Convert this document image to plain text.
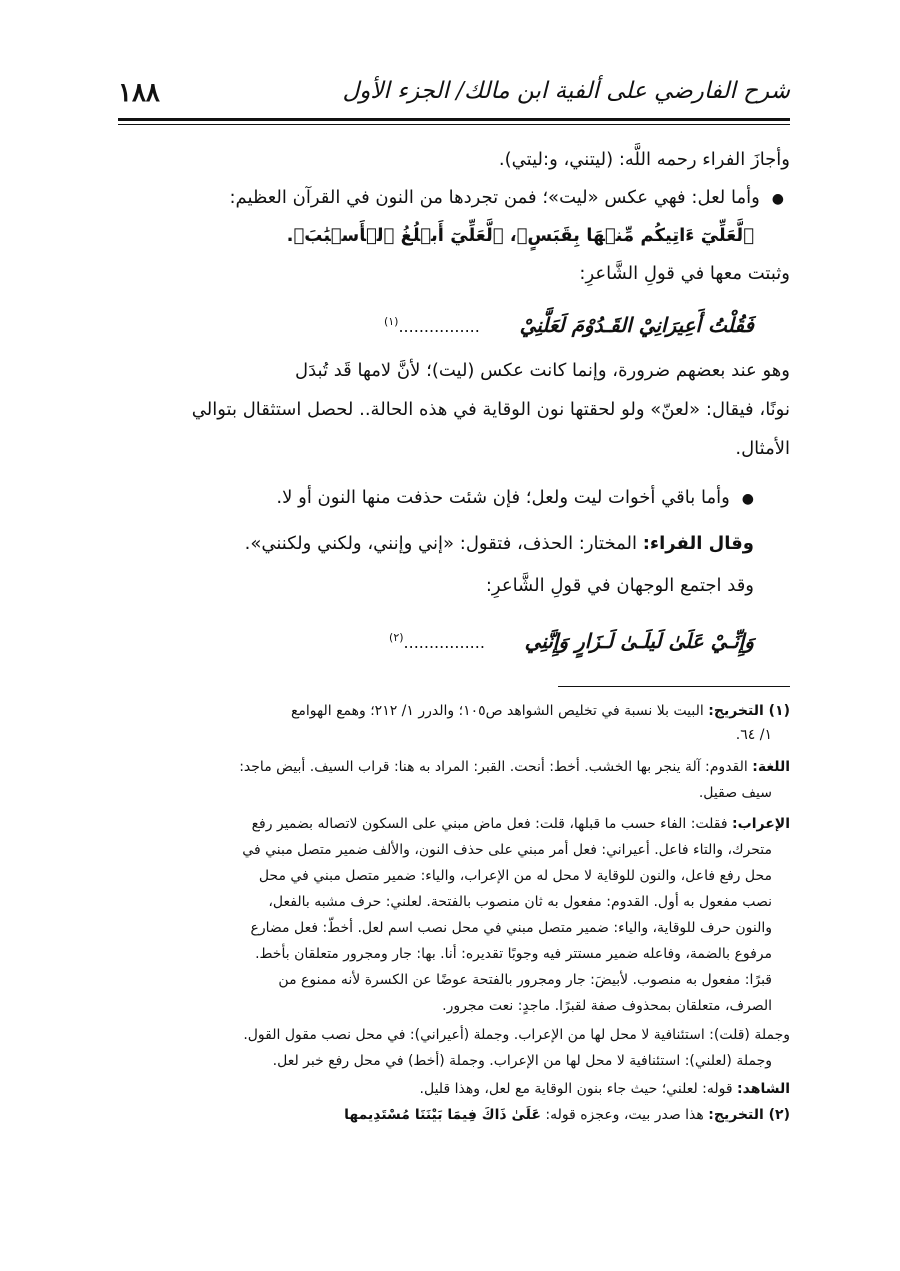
شرح الفارضي على ألفية ابن مالك/ الجزء الأول
١٨٨
وأجازَ الفراء رحمه اللَّه: (ليتني، و:ليتي).
●وأما لعل: فهي عكس «ليت»؛ فمن تجردها من النون في القرآن العظيم:
﴿لَّعَلِّيٓ ءَاتِيكُم مِّنۡهَا بِقَبَسٍ﴾، ﴿لَّعَلِّيٓ أَبۡلُغُ ٱلۡأَسۡبَٰبَ﴾.
وثبتت معها في قولِ الشَّاعرِ:
فَقُلْتُ أَعِيرَانِيْ القَـدُوْمَ لَعَلَّنِيْ ................$^{(١)}$
وهو عند بعضهم ضرورة، وإنما كانت عكس (ليت)؛ لأنَّ لامها قَد تُبدَل
نونًا، فيقال: «لعنّ» ولو لحقتها نون الوقاية في هذه الحالة.. لحصل استثقال بتوالي
الأمثال.
●وأما باقي أخوات ليت ولعل؛ فإن شئت حذفت منها النون أو لا.
وقال الفراء: المختار: الحذف، فتقول: «إني وإنني، ولكني ولكنني».
وقد اجتمع الوجهان في قولِ الشَّاعرِ:
وَإِنِّـيْ عَلَىٰ لَيلَـىٰ لَـزَارٍ وَإِنَّنِي ................$^{(٢)}$
(١) التخريج: البيت بلا نسبة في تخليص الشواهد ص١٠٥؛ والدرر ١/ ٢١٢؛ وهمع الهوامع
١/ ٦٤.
اللغة: القدوم: آلة ينجر بها الخشب. أخط: أنحت. القبر: المراد به هنا: قراب السيف. أبيض ماجد:
سيف صقيل.
الإعراب: فقلت: الفاء حسب ما قبلها، قلت: فعل ماض مبني على السكون لاتصاله بضمير رفع
متحرك، والتاء فاعل. أعيراني: فعل أمر مبني على حذف النون، والألف ضمير متصل مبني في
محل رفع فاعل، والنون للوقاية لا محل له من الإعراب، والياء: ضمير متصل مبني في محل
نصب مفعول به أول. القدوم: مفعول به ثان منصوب بالفتحة. لعلني: حرف مشبه بالفعل،
والنون حرف للوقاية، والياء: ضمير متصل مبني في محل نصب اسم لعل. أخطّ: فعل مضارع
مرفوع بالضمة، وفاعله ضمير مستتر فيه وجوبًا تقديره: أنا. بها: جار ومجرور متعلقان بأخط.
قبرًا: مفعول به منصوب. لأبيضَ: جار ومجرور بالفتحة عوضًا عن الكسرة لأنه ممنوع من
الصرف، متعلقان بمحذوف صفة لقبرًا. ماجدٍ: نعت مجرور.
وجملة (قلت): استئنافية لا محل لها من الإعراب. وجملة (أعيراني): في محل نصب مقول القول.
وجملة (لعلني): استئنافية لا محل لها من الإعراب. وجملة (أخط) في محل رفع خبر لعل.
الشاهد: قوله: لعلني؛ حيث جاء بنون الوقاية مع لعل، وهذا قليل.
(٢) التخريج: هذا صدر بيت، وعجزه قوله: عَلَىٰ ذَاكَ فِيمَا بَيْنَنَا مُسْتَدِيمها
